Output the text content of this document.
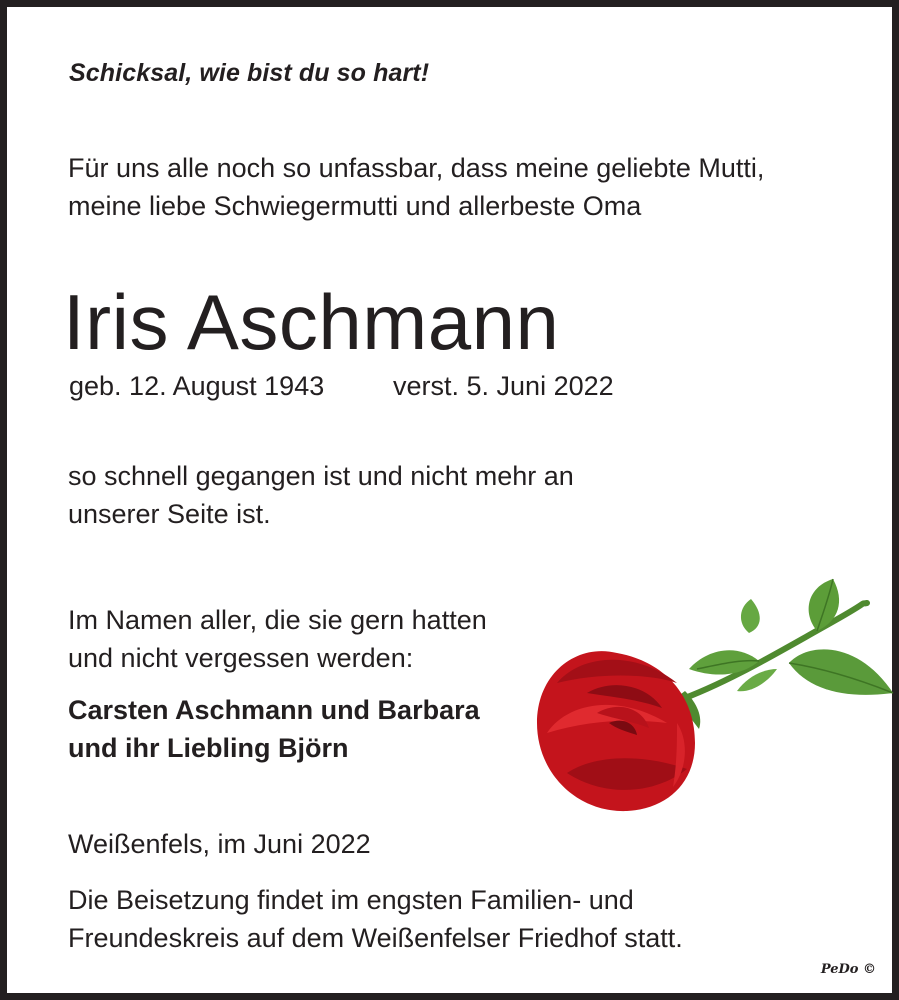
Schicksal, wie bist du so hart!

Für uns alle noch so unfassbar, dass meine geliebte Mutti,
meine liebe Schwiegermutti und allerbeste Oma

Iris Aschmann

geb. 12. August 1943	verst. 5. Juni 2022

so schnell gegangen ist und nicht mehr an
unserer Seite ist.

Im Namen aller, die sie gern hatten
und nicht vergessen werden:

Carsten Aschmann und Barbara
und ihr Liebling Björn

Weißenfels, im Juni 2022

Die Beisetzung findet im engsten Familien- und
Freundeskreis auf dem Weißenfelser Friedhof statt.

PeDo ©
